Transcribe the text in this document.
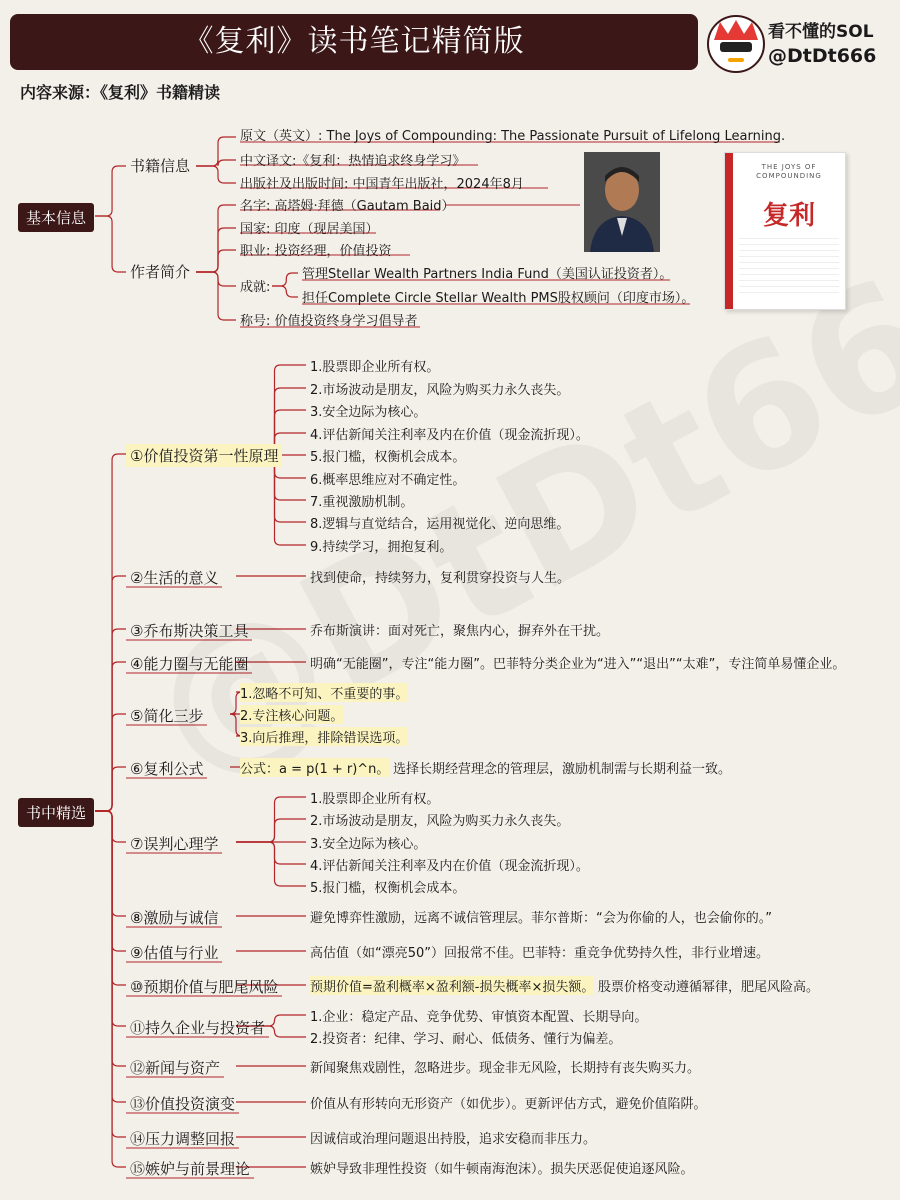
《复利》读书笔记精简版	看不懂的SOL
@DtDt666
内容来源：《复利》书籍精读
THE JOYS OF COMPOUNDING
复利
基本信息
书籍信息
作者简介
原文（英文）: The Joys of Compounding: The Passionate Pursuit of Lifelong Learning.
中文译文:《复利：热情追求终身学习》
出版社及出版时间: 中国青年出版社，2024年8月
名字: 高塔姆·拜德（Gautam Baid）
国家: 印度（现居美国）
职业: 投资经理，价值投资
成就:
管理Stellar Wealth Partners India Fund（美国认证投资者）。
担任Complete Circle Stellar Wealth PMS股权顾问（印度市场）。
称号: 价值投资终身学习倡导者
书中精选
①价值投资第一性原理
1.股票即企业所有权。
2.市场波动是朋友，风险为购买力永久丧失。
3.安全边际为核心。
4.评估新闻关注利率及内在价值（现金流折现）。
5.报门槛，权衡机会成本。
6.概率思维应对不确定性。
7.重视激励机制。
8.逻辑与直觉结合，运用视觉化、逆向思维。
9.持续学习，拥抱复利。
②生活的意义	找到使命，持续努力，复利贯穿投资与人生。
③乔布斯决策工具	乔布斯演讲：面对死亡，聚焦内心，摒弃外在干扰。
④能力圈与无能圈	明确“无能圈”，专注“能力圈”。巴菲特分类企业为“进入”“退出”“太难”，专注简单易懂企业。
⑤简化三步
1.忽略不可知、不重要的事。
2.专注核心问题。
3.向后推理，排除错误选项。
⑥复利公式	公式：a = p(1 + r)^n。 选择长期经营理念的管理层，激励机制需与长期利益一致。
⑦误判心理学
1.股票即企业所有权。
2.市场波动是朋友，风险为购买力永久丧失。
3.安全边际为核心。
4.评估新闻关注利率及内在价值（现金流折现）。
5.报门槛，权衡机会成本。
⑧激励与诚信	避免博弈性激励，远离不诚信管理层。菲尔普斯：“会为你偷的人，也会偷你的。”
⑨估值与行业	高估值（如“漂亮50”）回报常不佳。巴菲特：重竞争优势持久性，非行业增速。
⑩预期价值与肥尾风险	预期价值=盈利概率×盈利额-损失概率×损失额。 股票价格变动遵循幂律，肥尾风险高。
⑪持久企业与投资者
1.企业：稳定产品、竞争优势、审慎资本配置、长期导向。
2.投资者：纪律、学习、耐心、低债务、懂行为偏差。
⑫新闻与资产	新闻聚焦戏剧性，忽略进步。现金非无风险，长期持有丧失购买力。
⑬价值投资演变	价值从有形转向无形资产（如优步）。更新评估方式，避免价值陷阱。
⑭压力调整回报	因诚信或治理问题退出持股，追求安稳而非压力。
⑮嫉妒与前景理论	嫉妒导致非理性投资（如牛顿南海泡沫）。损失厌恶促使追逐风险。
